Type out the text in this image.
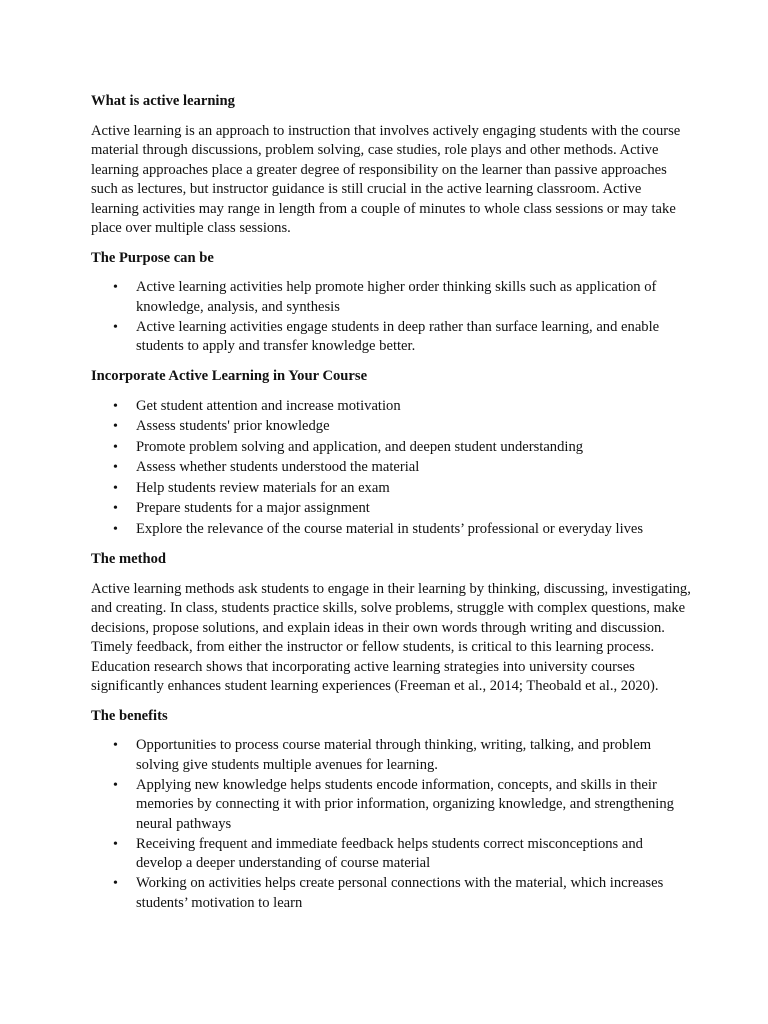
What is active learning

Active learning is an approach to instruction that involves actively engaging students with the course material through discussions, problem solving, case studies, role plays and other methods. Active learning approaches place a greater degree of responsibility on the learner than passive approaches such as lectures, but instructor guidance is still crucial in the active learning classroom. Active learning activities may range in length from a couple of minutes to whole class sessions or may take place over multiple class sessions.

The Purpose can be
• Active learning activities help promote higher order thinking skills such as application of knowledge, analysis, and synthesis
• Active learning activities engage students in deep rather than surface learning, and enable students to apply and transfer knowledge better.
Incorporate Active Learning in Your Course
• Get student attention and increase motivation
• Assess students' prior knowledge
• Promote problem solving and application, and deepen student understanding
• Assess whether students understood the material
• Help students review materials for an exam
• Prepare students for a major assignment
• Explore the relevance of the course material in students’ professional or everyday lives
The method

Active learning methods ask students to engage in their learning by thinking, discussing, investigating, and creating. In class, students practice skills, solve problems, struggle with complex questions, make decisions, propose solutions, and explain ideas in their own words through writing and discussion. Timely feedback, from either the instructor or fellow students, is critical to this learning process. Education research shows that incorporating active learning strategies into university courses significantly enhances student learning experiences (Freeman et al., 2014; Theobald et al., 2020).

The benefits
• Opportunities to process course material through thinking, writing, talking, and problem solving give students multiple avenues for learning.
• Applying new knowledge helps students encode information, concepts, and skills in their memories by connecting it with prior information, organizing knowledge, and strengthening neural pathways
• Receiving frequent and immediate feedback helps students correct misconceptions and develop a deeper understanding of course material
• Working on activities helps create personal connections with the material, which increases students’ motivation to learn
